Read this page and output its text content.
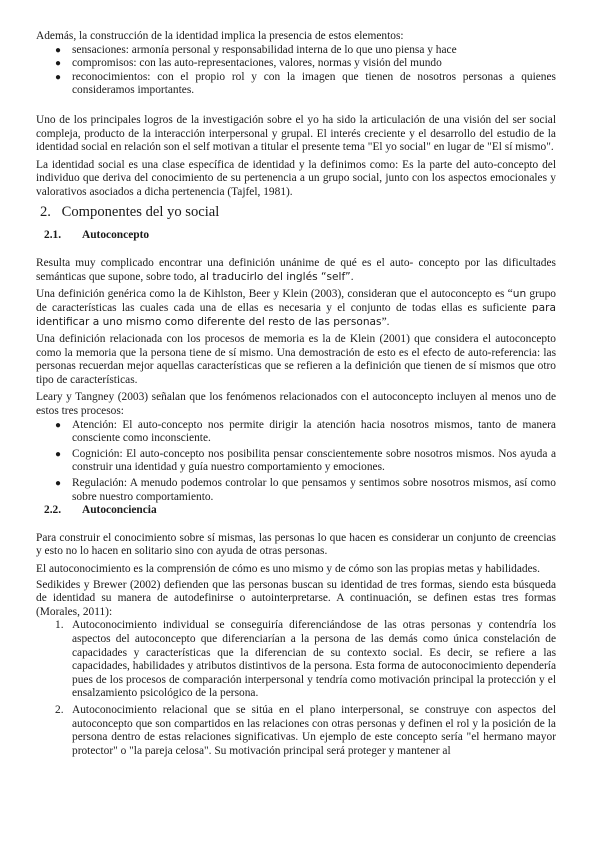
Además, la construcción de la identidad implica la presencia de estos elementos:

● sensaciones: armonía personal y responsabilidad interna de lo que uno piensa y hace
● compromisos: con las auto-representaciones, valores, normas y visión del mundo
● reconocimientos: con el propio rol y con la imagen que tienen de nosotros personas a quienes consideramos importantes.

Uno de los principales logros de la investigación sobre el yo ha sido la articulación de una visión del ser social compleja, producto de la interacción interpersonal y grupal. El interés creciente y el desarrollo del estudio de la identidad social en relación son el self motivan a titular el presente tema "El yo social" en lugar de "El sí mismo".

La identidad social es una clase específica de identidad y la definimos como: Es la parte del auto-concepto del individuo que deriva del conocimiento de su pertenencia a un grupo social, junto con los aspectos emocionales y valorativos asociados a dicha pertenencia (Tajfel, 1981).

2. Componentes del yo social
2.1. Autoconcepto

Resulta muy complicado encontrar una definición unánime de qué es el auto- concepto por las dificultades semánticas que supone, sobre todo, al traducirlo del inglés “self”.

Una definición genérica como la de Kihlston, Beer y Klein (2003), consideran que el autoconcepto es “un grupo de características las cuales cada una de ellas es necesaria y el conjunto de todas ellas es suficiente para identificar a uno mismo como diferente del resto de las personas”.

Una definición relacionada con los procesos de memoria es la de Klein (2001) que considera el autoconcepto como la memoria que la persona tiene de sí mismo. Una demostración de esto es el efecto de auto-referencia: las personas recuerdan mejor aquellas características que se refieren a la definición que tienen de sí mismos que otro tipo de características.

Leary y Tangney (2003) señalan que los fenómenos relacionados con el autoconcepto incluyen al menos uno de estos tres procesos:

● Atención: El auto-concepto nos permite dirigir la atención hacia nosotros mismos, tanto de manera consciente como inconsciente.
● Cognición: El auto-concepto nos posibilita pensar conscientemente sobre nosotros mismos. Nos ayuda a construir una identidad y guía nuestro comportamiento y emociones.
● Regulación: A menudo podemos controlar lo que pensamos y sentimos sobre nosotros mismos, así como sobre nuestro comportamiento.
2.2. Autoconciencia

Para construir el conocimiento sobre sí mismas, las personas lo que hacen es considerar un conjunto de creencias y esto no lo hacen en solitario sino con ayuda de otras personas.

El autoconocimiento es la comprensión de cómo es uno mismo y de cómo son las propias metas y habilidades.

Sedikides y Brewer (2002) defienden que las personas buscan su identidad de tres formas, siendo esta búsqueda de identidad su manera de autodefinirse o autointerpretarse. A continuación, se definen estas tres formas (Morales, 2011):

1. Autoconocimiento individual se conseguiría diferenciándose de las otras personas y contendría los aspectos del autoconcepto que diferenciarían a la persona de las demás como única constelación de capacidades y características que la diferencian de su contexto social. Es decir, se refiere a las capacidades, habilidades y atributos distintivos de la persona. Esta forma de autoconocimiento dependería pues de los procesos de comparación interpersonal y tendría como motivación principal la protección y el ensalzamiento psicológico de la persona.
2. Autoconocimiento relacional que se sitúa en el plano interpersonal, se construye con aspectos del autoconcepto que son compartidos en las relaciones con otras personas y definen el rol y la posición de la persona dentro de estas relaciones significativas. Un ejemplo de este concepto sería "el hermano mayor protector" o "la pareja celosa". Su motivación principal será proteger y mantener al
